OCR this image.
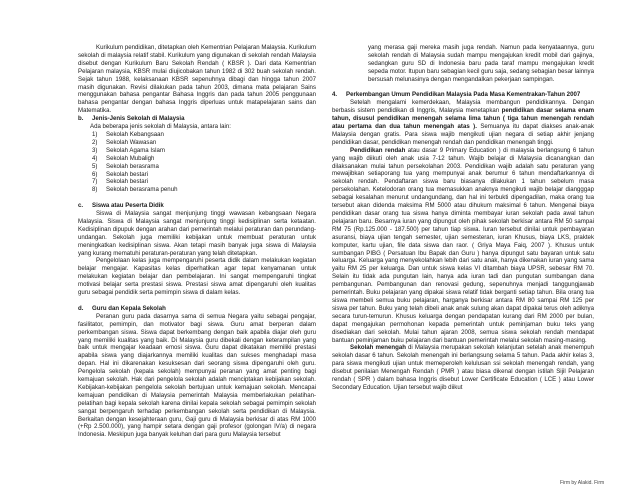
Kurikulum pendidikan, ditetapkan oleh Kementrian Pelajaran Malaysia. Kurikulum sekolah di malaysia relatif stabil. Kurikulum yang digunakan di sekolah rendah Malaysia disebut dengan Kurikulum Baru Sekolah Rendah ( KBSR ). Dari data Kementrian Pelajaran malaysia, KBSR mulai diujicobakan tahun 1982 di 302 buah sekolah rendah. Sejak tahun 1988, kelaksanaan KBSR sepenuhnya dibagi dan hingga tahun 2007 masih digunakan. Revisi dilakukan pada tahun 2003, dimana mata pelajaran Sains menggunakan bahasa pengantar Bahasa Inggris dan pada tahun 2005 penggunaan bahasa pengantar dengan bahasa Inggris diperluas untuk matapelajaran sains dan Matematika.

b.	Jenis-Jenis Sekolah di Malaysia

Ada beberapa jenis sekolah di Malaysia, antara lain:

1)	Sekolah Kebangsaan
2)	Sekolah Wawasan
3)	Sekolah Agama Islam
4)	Sekolah Mubaligh
5)	Sekolah berasrama
6)	Sekolah bestari
7)	Sekolah bestari
8)	Sekolah berasrama penuh
c.	Siswa atau Peserta Didik

Siswa di Malaysia sangat menjunjung tinggi wawasan kebangsaan Negara Malaysia. Siswa di Malaysia sangat menjunjung tinggi kedisiplinan serta ketaatan. Kedisiplinan dipupuk dengan arahan dari pemerintah melalui peraturan dan perundang-undangan. Sekolah juga memiliki kebijakan untuk membuat peraturan untuk meningkatkan kedisiplinan siswa. Akan tetapi masih banyak juga siswa di Malaysia yang kurang mematuhi peraturan-peraturan yang telah ditetapkan.

Pengelolaan kelas juga mempengaruhi peserta didik dalam melakukan kegiatan belajar mengajar. Kapasitas kelas diperhatikan agar tepat kenyamanan untuk melakukan kegiatan belajar dan pembelajaran. Ini sangat mempengaruhi tingkat motivasi belajar serta prestasi siswa. Prestasi siswa amat dipengaruhi oleh kualitas guru sebagai pendidik serta pemimpin siswa di dalam kelas.

d.	Guru dan Kepala Sekolah

Peranan guru pada dasarnya sama di semua Negara yaitu sebagai pengajar, fasilitator, pemimpin, dan motivator bagi siswa. Guru amat berperan dalam perkembangan siswa. Siswa dapat berkembang dengan baik apabila diajar oleh guru yang memiliki kualitas yang baik. Di Malaysia guru dibekali dengan keterampilan yang baik untuk mengajar keadaan emosi siswa. Guru dapat dikatakan memiliki prestasi apabila siswa yang diajarkannya memiliki kualitas dan sukses menghadapi masa depan. Hal ini dikarenakan kesuksesan dari seorang siswa dipengaruhi oleh guru. Pengelola sekolah (kepala sekolah) mempunyai peranan yang amat penting bagi kemajuan sekolah. Hak dari pengelola sekolah adalah menciptakan kebijakan sekolah. Kebijakan-kebijakan pengelola sekolah bertujuan untuk kemajuan sekolah. Mencapai kemajuan pendidikan di Malaysia pemerintah Malaysia memberlakukan pelatihan-pelatihan bagi kepala sekolah karena dinilai kepala sekolah sebagai pemimpin sekolah sangat berpengaruh terhadap perkembangan sekolah serta pendidikan di Malaysia. Berkaitan dengan kesejahteraan guru, Gaji guru di Malaysia berkisar di atas RM 1000 (+Rp 2.500.000), yang hampir setara dengan gaji profesor (golongan IV/a) di negara Indonesia. Meskipun juga banyak keluhan dari para guru Malaysia tersebut

yang merasa gaji mereka masih juga rendah. Namun pada kenyataannya, guru sekolah rendah di Malaysia sudah mampu mengajukan kredit mobil dari gajinya, sedangkan guru SD di Indonesia baru pada taraf mampu mengajukan kredit sepeda motor. Itupun baru sebagian kecil guru saja, sedang sebagian besar lainnya bersusah melunasinya dengan mengandalkan pekerjaan sampingan.

4.	Perkembangan Umum Pendidikan Malaysia Pada Masa Kementrakan-Tahun 2007

Setelah mengalami kemerdekaan, Malaysia membangun pendidikannya. Dengan berbasis sistem pendidikan di Inggris, Malaysia menetapkan pendidikan dasar selama enam tahun, disusul pendidikan menengah selama lima tahun ( tiga tahun menengah rendah atau pertama dan dua tahun menengah atas ). Semuanya itu dapat diakses anak-anak Malaysia dengan gratis. Para siswa wajib mengikuti ujian negara di setiap akhir jenjang pendidikan dasar, pendidikan menengah rendah dan pendidikan menengah tinggi.

Pendidikan rendah atau dasar 9 Primary Education ) di malaysia berlangsung 6 tahun yang wajib diikuti oleh anak usia 7-12 tahun. Wajib belajar di Malaysia dicanangkan dan dilaksanakan mulai tahun persekolahan 2003. Pendidikan wajib adalah satu peraturan yang mewajibkan setiaporang tua yang mempunyai anak berumur 6 tahun mendaftarkannya di sekolah rendah. Pendaftaran siswa baru biasanya dilakukan 1 tahun sebelum masa persekolahan. Ketelodoran orang tua memasukkan anaknya mengikuti wajib belajar diangggap sebagai kesalahan menurut undangundang, dan hal ini terbukti dipengadilan, maka orang tua tersebut akan didenda maksima RM 5000 atau dihukum maksimal 6 tahun. Mengenai biaya pendidikan dasar orang tua siswa hanya diminta membayar iuran sekolah pada awal tahun pelajaran baru. Besarnya iuran yang dipungut oleh pihak sekolah berkisar antara RM 50 sampai RM 75 (Rp.125.000 - 187.500) per tahun tiap siswa. Iuran tersebut dinilai untuk pembayaran asuransi, biaya ujian tengah semester, ujian semesteran, iuran Khusus, biaya LKS, praktek komputer, kartu ujian, file data siswa dan raor. ( Griya Maya Faiq, 2007 ). Khusus untuk sumbangan PIBG ( Persatuan Ibu Bapak dan Guru ) hanya dipungut satu bayaran untuk satu keluarga. Keluarga yang menyekolahkan lebih dari satu anak, hanya dikenakan iuran yang sama yaitu RM 25 per keluarga. Dan untuk siswa kelas VI ditambah biaya UPSR, sebesar RM 70. Selain itu tidak ada pungutan lain, hanya ada iuran tadi dan pungutan sumbangan dana pembangunan. Pembangunan dan renovasi gedung, sepenuhnya menjadi tanggungjawab pemerintah. Buku pelajaran yang dipakai siswa relatif tidak berganti setiap tahun. Bila orang tua siswa membeli semua buku pelajaran, harganya berkisar antara RM 80 sampai RM 125 per siswa per tahun. Buku yang telah dibeli anak anak sulung akan dapat dipakai terus oleh adiknya secara turun-temurun. Khusus keluarga dengan pendapatan kurang dari RM 2000 per bulan, dapat mengajukan permohonan kepada pemerintah untuk peminjaman buku teks yang disediakan dari sekolah. Mulai tahun ajaran 2008, semua siswa sekolah rendah mendapat bantuan peminjaman buku pelajaran dari bantuan pemerintah melalui sekolah masing-masing.

Sekolah menengah di Malaysia merupakan sekolah kelanjutan setelah anak menempuh sekolah dasar 6 tahun. Sekolah menengah ini berlangsung selama 5 tahun. Pada akhir kelas 3, para siswa mengikuti ujian untuk memeperoleh kelulusan ssi sekolah menengah rendah, yang disebut penilaian Menengah Rendah ( PMR ) atau biasa dikenal dengan istilah Sijil Pelajaran rendah ( SPR ) dalam bahasa Inggris disebut Lower Certificate Education ( LCE ) atau Lower Secondary Education. Ujian tersebut wajib diikut

Firm by Alakid. Firm
